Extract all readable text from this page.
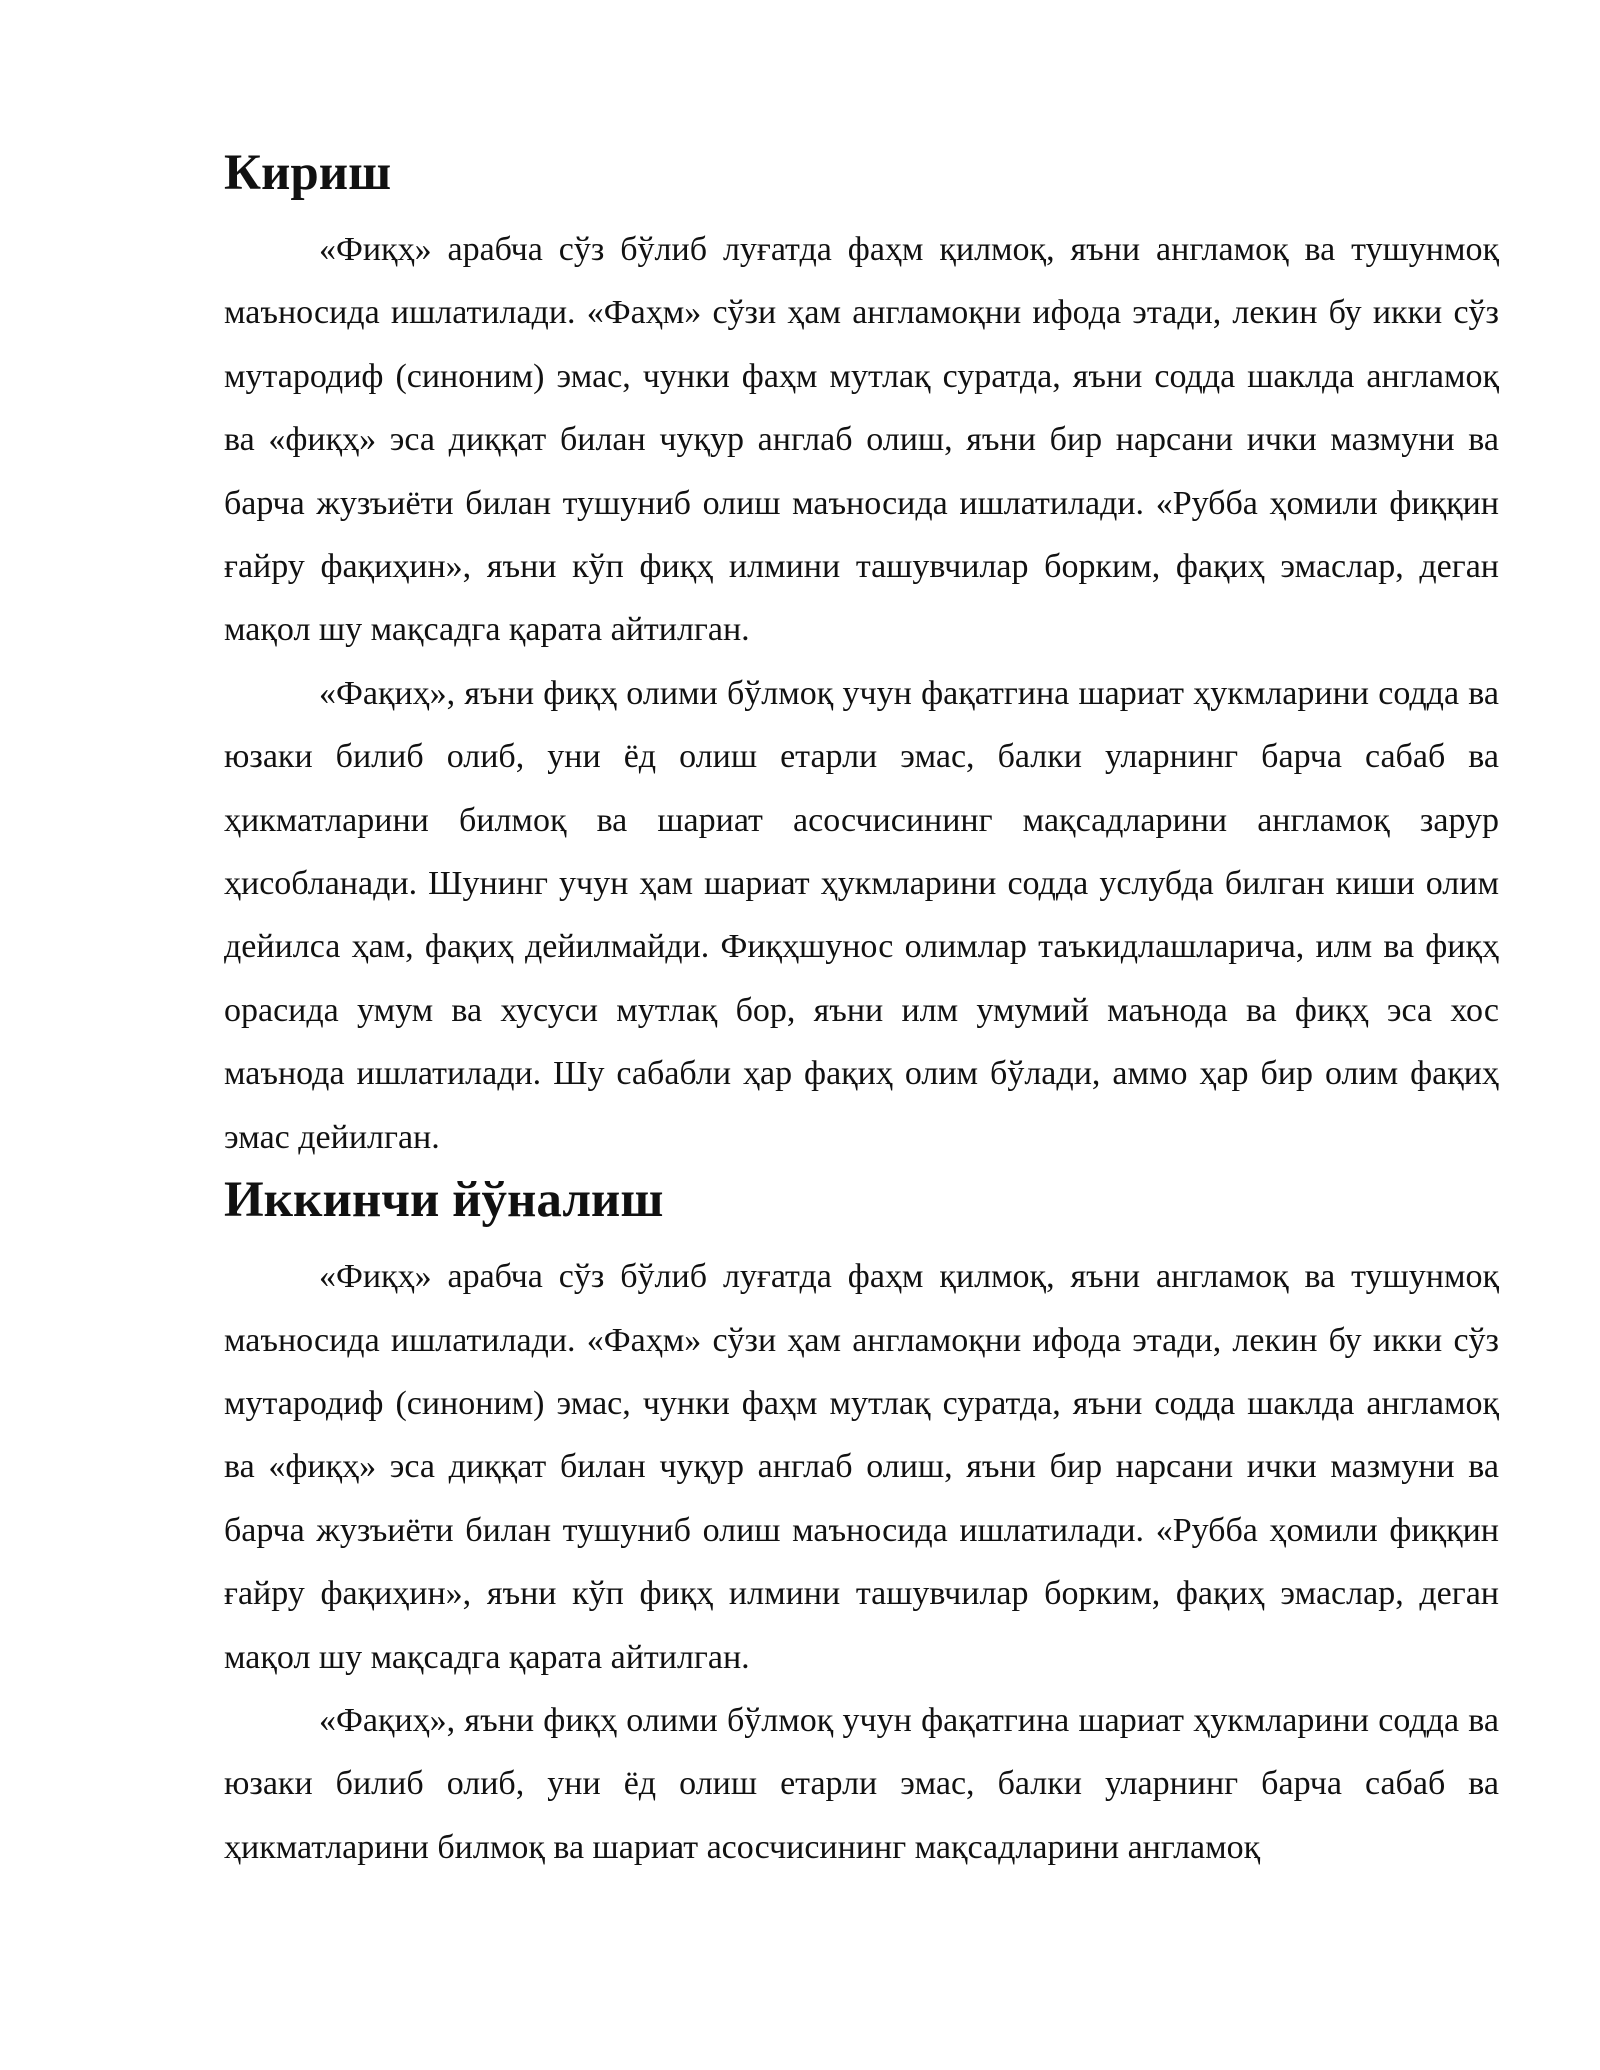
Кириш

«Фиқҳ» арабча сўз бўлиб луғатда фаҳм қилмоқ, яъни англамоқ ва тушунмоқ маъносида ишлатилади. «Фаҳм» сўзи ҳам англамоқни ифода этади, лекин бу икки сўз мутародиф (синоним) эмас, чунки фаҳм мутлақ суратда, яъни содда шаклда англамоқ ва «фиқҳ» эса диққат билан чуқур англаб олиш, яъни бир нарсани ички мазмуни ва барча жузъиёти билан тушуниб олиш маъносида ишлатилади. «Рубба ҳомили фиққин ғайру фақиҳин», яъни кўп фиқҳ илмини ташувчилар борким, фақиҳ эмаслар, деган мақол шу мақсадга қарата айтилган.

«Фақиҳ», яъни фиқҳ олими бўлмоқ учун фақатгина шариат ҳукмларини содда ва юзаки билиб олиб, уни ёд олиш етарли эмас, балки уларнинг барча сабаб ва ҳикматларини билмоқ ва шариат асосчисининг мақсадларини англамоқ зарур ҳисобланади. Шунинг учун ҳам шариат ҳукмларини содда услубда билган киши олим дейилса ҳам, фақиҳ дейилмайди. Фиқҳшунос олимлар таъкидлашларича, илм ва фиқҳ орасида умум ва хусуси мутлақ бор, яъни илм умумий маънода ва фиқҳ эса хос маънода ишлатилади. Шу сабабли ҳар фақиҳ олим бўлади, аммо ҳар бир олим фақиҳ эмас дейилган.

Иккинчи йўналиш

«Фиқҳ» арабча сўз бўлиб луғатда фаҳм қилмоқ, яъни англамоқ ва тушунмоқ маъносида ишлатилади. «Фаҳм» сўзи ҳам англамоқни ифода этади, лекин бу икки сўз мутародиф (синоним) эмас, чунки фаҳм мутлақ суратда, яъни содда шаклда англамоқ ва «фиқҳ» эса диққат билан чуқур англаб олиш, яъни бир нарсани ички мазмуни ва барча жузъиёти билан тушуниб олиш маъносида ишлатилади. «Рубба ҳомили фиққин ғайру фақиҳин», яъни кўп фиқҳ илмини ташувчилар борким, фақиҳ эмаслар, деган мақол шу мақсадга қарата айтилган.

«Фақиҳ», яъни фиқҳ олими бўлмоқ учун фақатгина шариат ҳукмларини содда ва юзаки билиб олиб, уни ёд олиш етарли эмас, балки уларнинг барча сабаб ва ҳикматларини билмоқ ва шариат асосчисининг мақсадларини англамоқ
